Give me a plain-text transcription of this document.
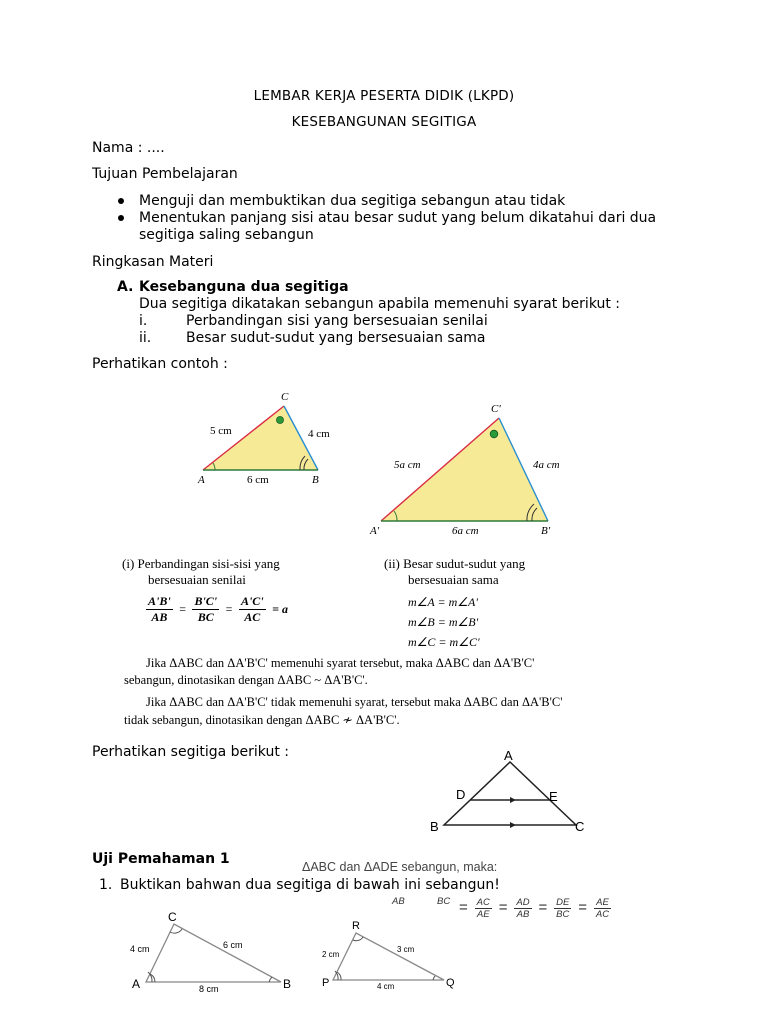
LEMBAR KERJA PESERTA DIDIK (LKPD)
KESEBANGUNAN SEGITIGA
Nama : ....
Tujuan Pembelajaran
Menguji dan membuktikan dua segitiga sebangun atau tidak
Menentukan panjang sisi atau besar sudut yang belum dikatahui dari dua
segitiga saling sebangun
Ringkasan Materi
A. Kesebanguna dua segitiga
Dua segitiga dikatakan sebangun apabila memenuhi syarat berikut :
i.	Perbandingan sisi yang bersesuaian senilai
ii. Besar sudut-sudut yang bersesuaian sama
Perhatikan contoh :
C
A	B
5 cm	4 cm
6 cm
C'
A'	B'
5a cm	4a cm
6a cm
(i) Perbandingan sisi-sisi yang
bersesuaian senilai
$\frac{A'B'}{AB} = \frac{B'C'}{BC} = \frac{A'C'}{AC} = a$
(ii) Besar sudut-sudut yang
bersesuaian sama
m∠A = m∠A'
m∠B = m∠B'
m∠C = m∠C'
Jika ΔABC dan ΔA'B'C' memenuhi syarat tersebut, maka ΔABC dan ΔA'B'C'
sebangun, dinotasikan dengan ΔABC ~ ΔA'B'C'.
Jika ΔABC dan ΔA'B'C' tidak memenuhi syarat, tersebut maka ΔABC dan ΔA'B'C'
tidak sebangun, dinotasikan dengan ΔABC ≁ ΔA'B'C'.
Perhatikan segitiga berikut :	A
D	E
B	C
Uji Pemahaman 1	ΔABC dan ΔADE sebangun, maka:
AB	BC = $\frac{AC}{AE} = \frac{AD}{AB} = \frac{DE}{BC} = \frac{AE}{AC}$
1. Buktikan bahwan dua segitiga di bawah ini sebangun!
C
A	B
4 cm	6 cm
8 cm
R
P	Q
2 cm
3 cm
4 cm
